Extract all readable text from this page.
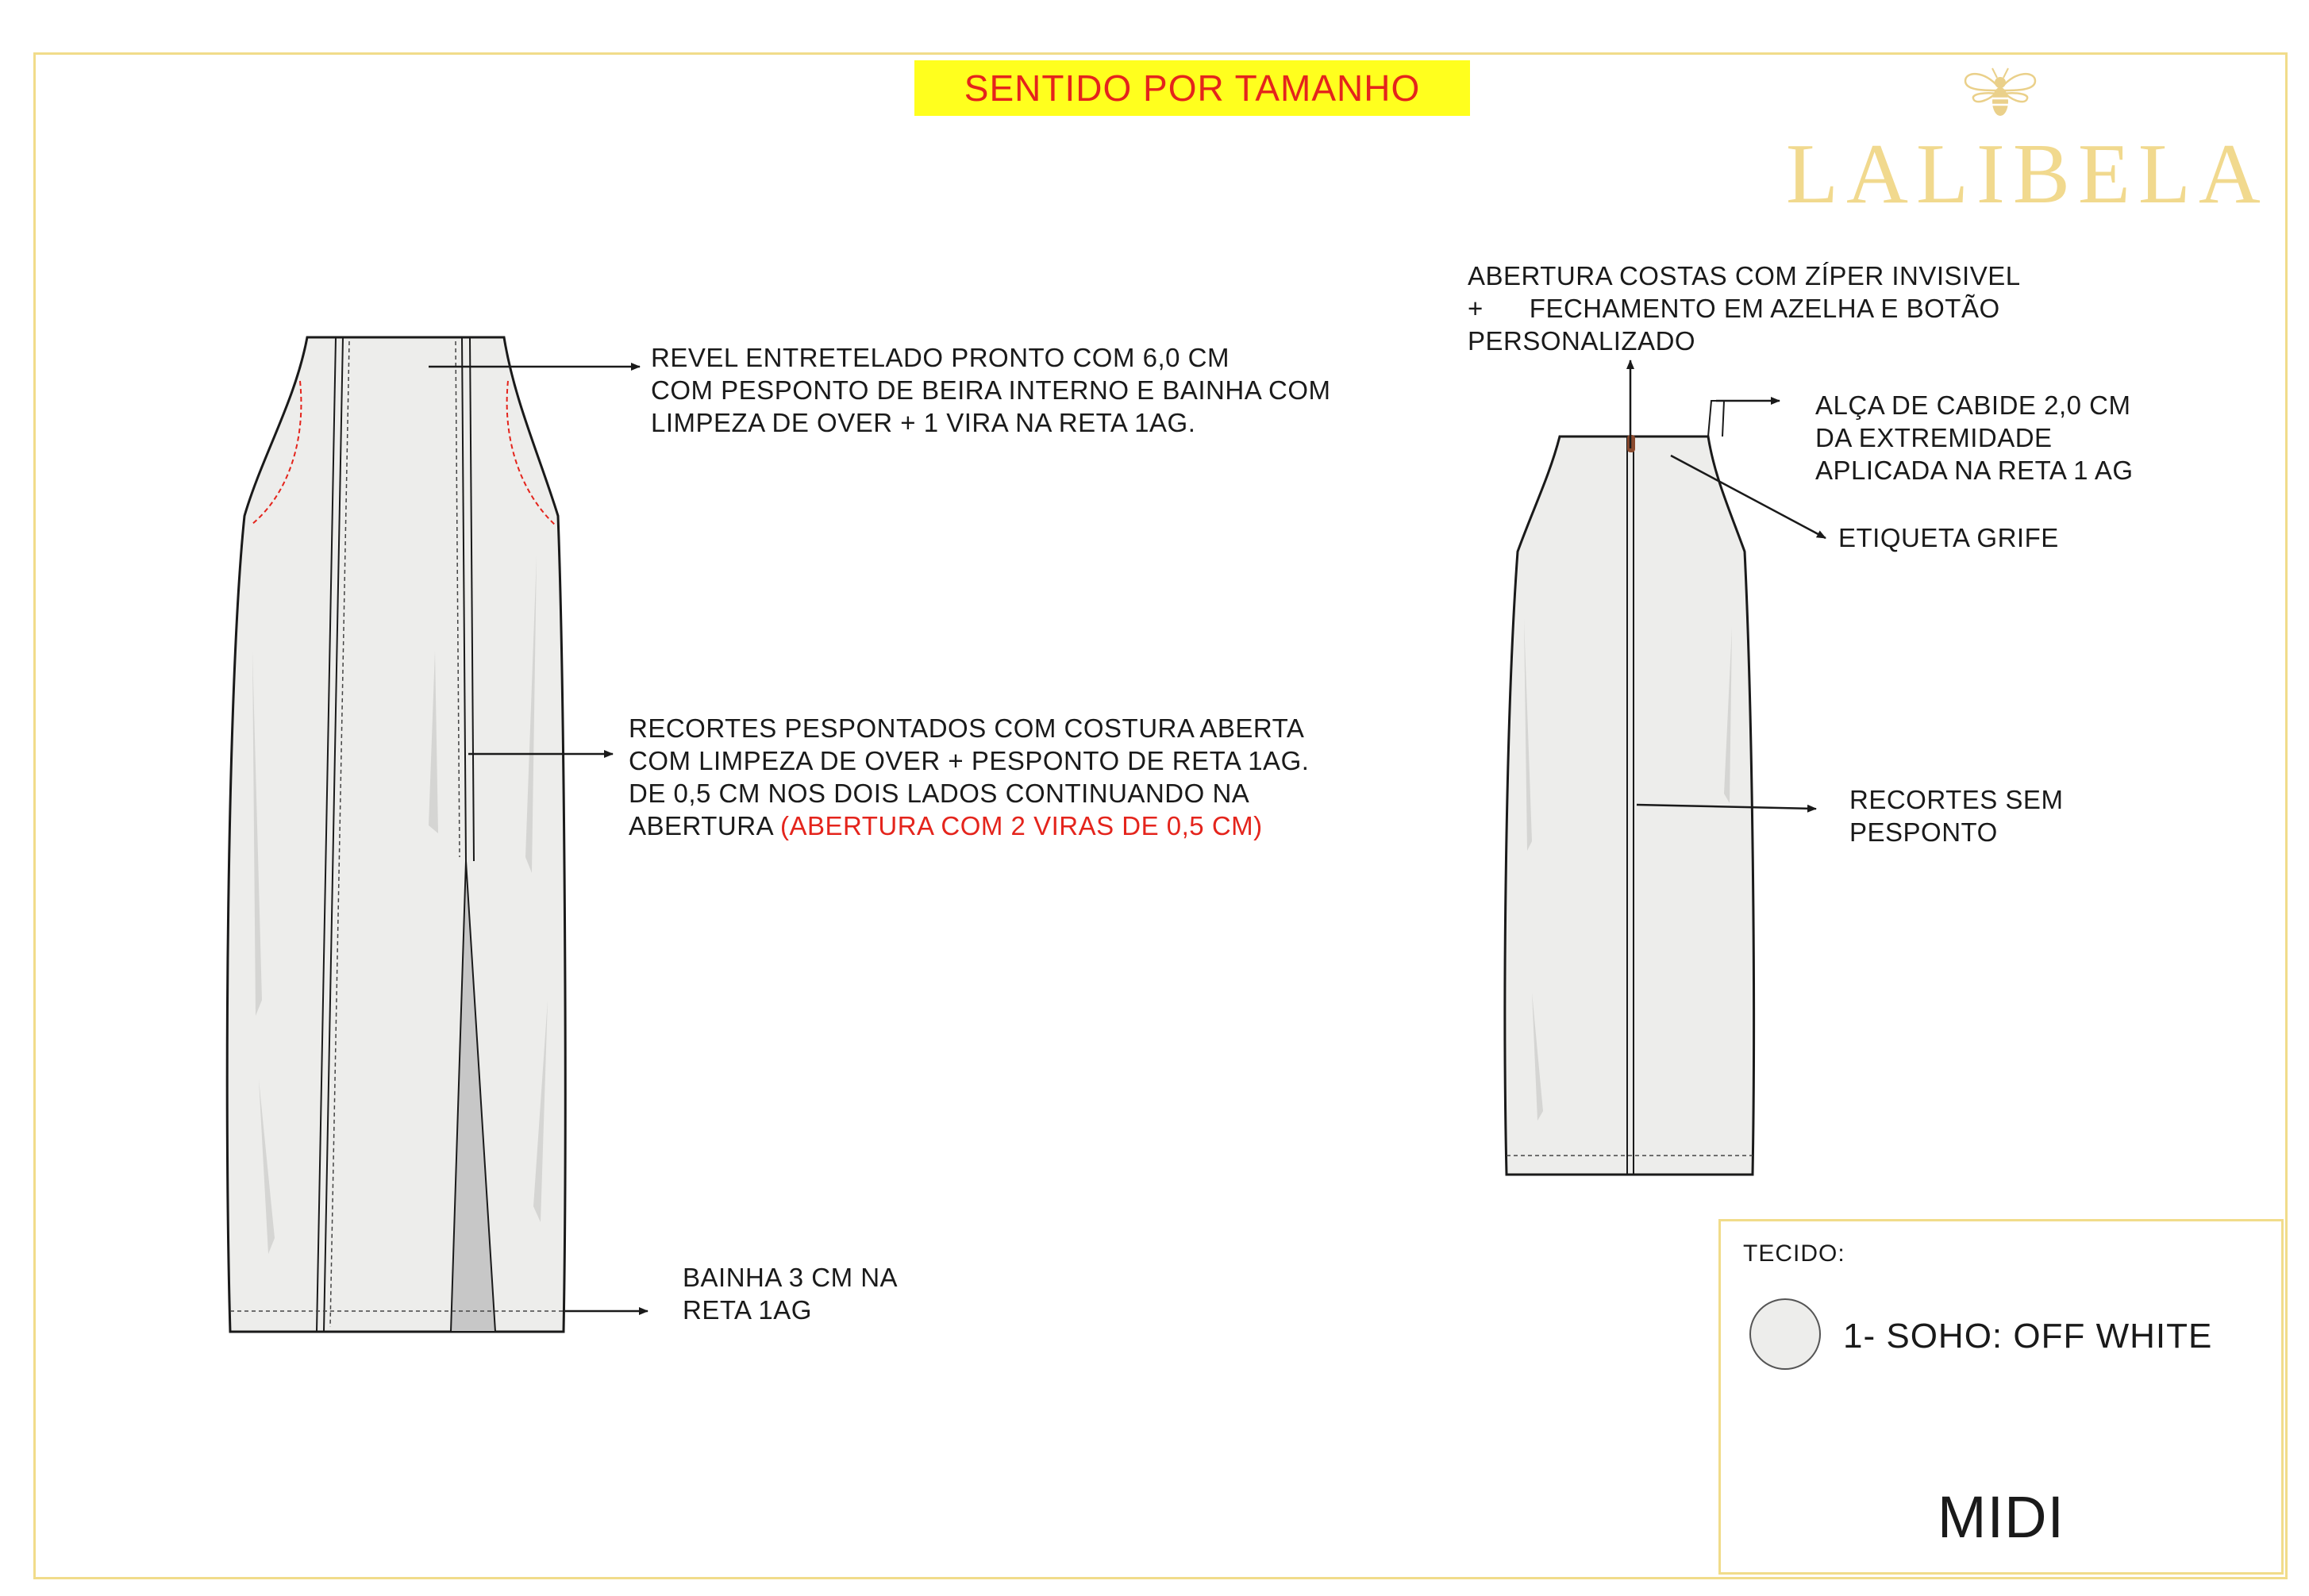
SENTIDO POR TAMANHO
LALIBELA
REVEL ENTRETELADO PRONTO COM 6,0 CM
COM PESPONTO DE BEIRA INTERNO E BAINHA COM
LIMPEZA DE OVER + 1 VIRA NA RETA 1AG.
RECORTES PESPONTADOS COM COSTURA ABERTA
COM LIMPEZA DE OVER + PESPONTO DE RETA 1AG.
DE 0,5 CM NOS DOIS LADOS CONTINUANDO NA
ABERTURA (ABERTURA COM 2 VIRAS DE 0,5 CM)
BAINHA 3 CM NA
RETA 1AG
ABERTURA COSTAS COM ZÍPER INVISIVEL
+      FECHAMENTO EM AZELHA E BOTÃO
PERSONALIZADO
ALÇA DE CABIDE 2,0 CM
DA EXTREMIDADE
APLICADA NA RETA 1 AG
ETIQUETA GRIFE
RECORTES SEM
PESPONTO
TECIDO:
1- SOHO: OFF WHITE
MIDI
